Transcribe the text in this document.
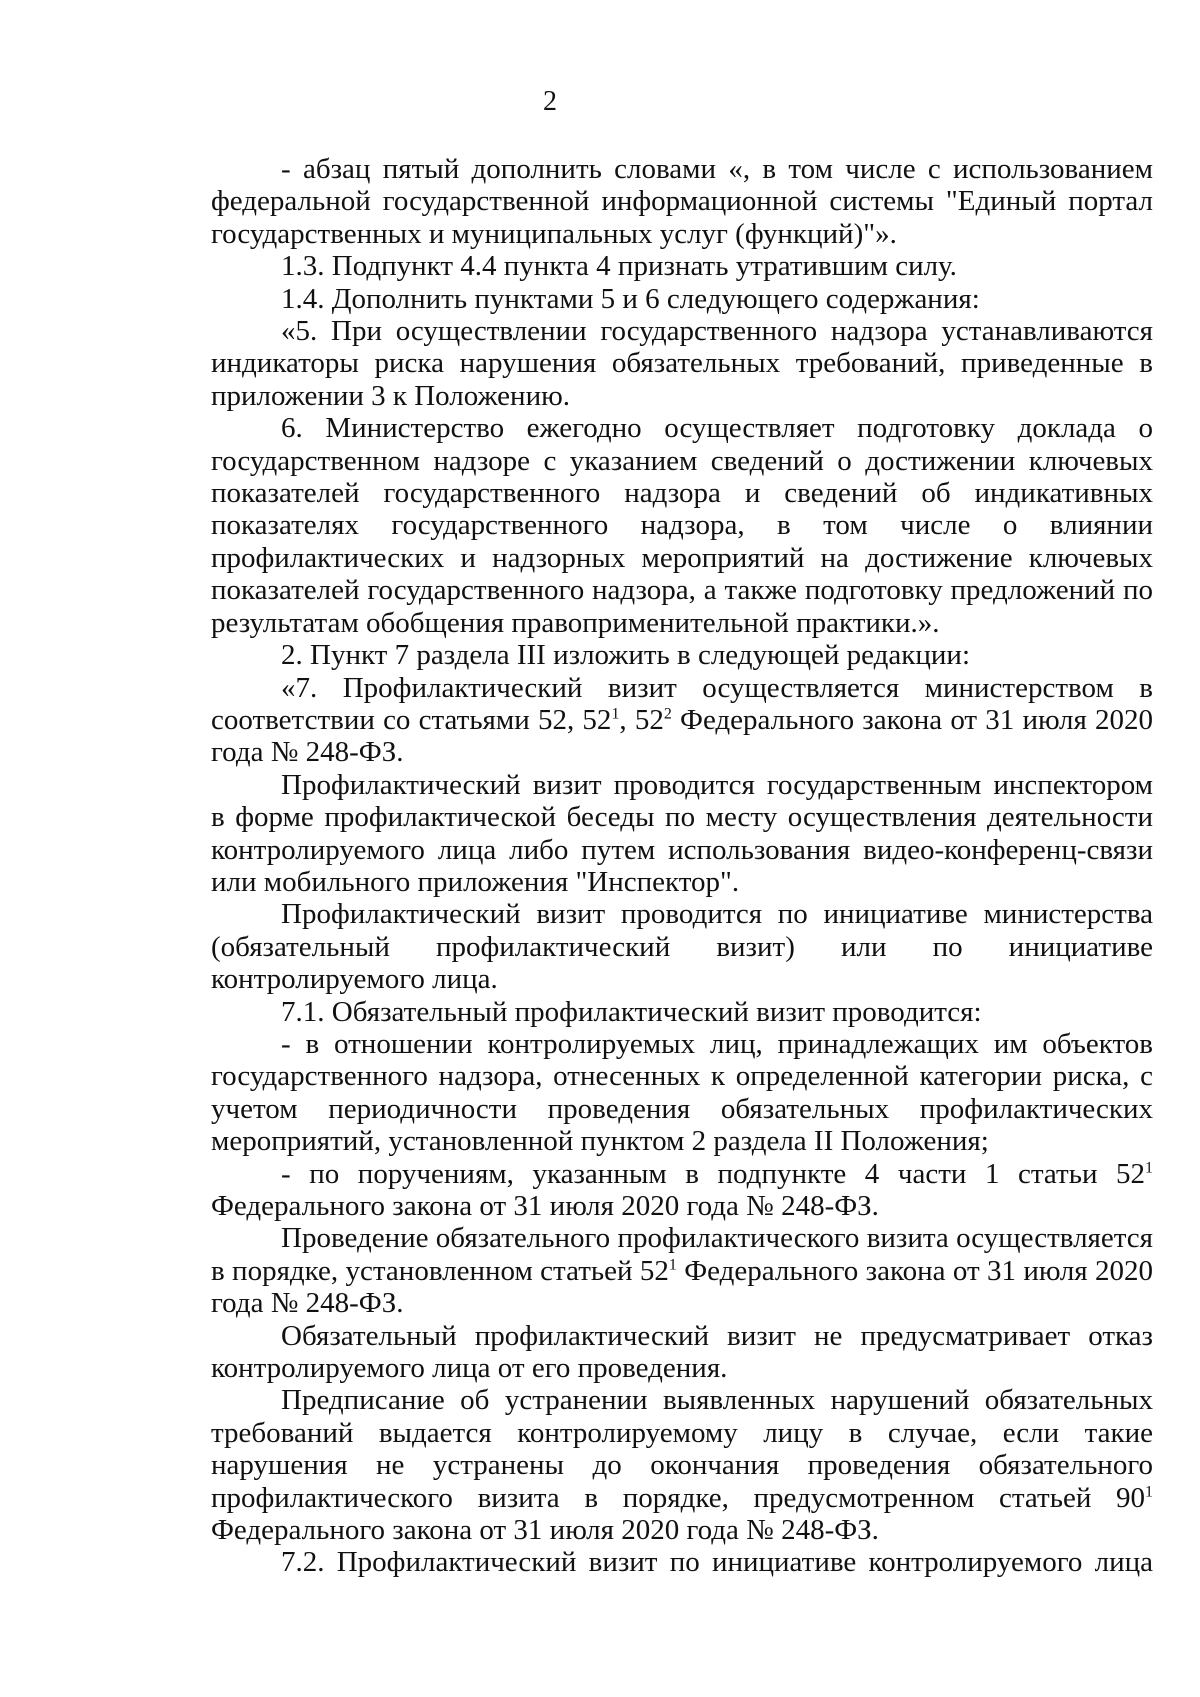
2

- абзац пятый дополнить словами «, в том числе с использованием федеральной государственной информационной системы "Единый портал государственных и муниципальных услуг (функций)"».

1.3. Подпункт 4.4 пункта 4 признать утратившим силу.

1.4. Дополнить пунктами 5 и 6 следующего содержания:

«5. При осуществлении государственного надзора устанавливаются индикаторы риска нарушения обязательных требований, приведенные в приложении 3 к Положению.

6. Министерство ежегодно осуществляет подготовку доклада о государственном надзоре с указанием сведений о достижении ключевых показателей государственного надзора и сведений об индикативных показателях государственного надзора, в том числе о влиянии профилактических и надзорных мероприятий на достижение ключевых показателей государственного надзора, а также подготовку предложений по результатам обобщения правоприменительной практики.».

2. Пункт 7 раздела III изложить в следующей редакции:

«7. Профилактический визит осуществляется министерством в соответствии со статьями 52, $52^1$, $52^2$ Федерального закона от 31 июля 2020 года № 248-ФЗ.

Профилактический визит проводится государственным инспектором в форме профилактической беседы по месту осуществления деятельности контролируемого лица либо путем использования видео-конференц-связи или мобильного приложения "Инспектор".

Профилактический визит проводится по инициативе министерства (обязательный профилактический визит) или по инициативе контролируемого лица.

7.1. Обязательный профилактический визит проводится:

- в отношении контролируемых лиц, принадлежащих им объектов государственного надзора, отнесенных к определенной категории риска, с учетом периодичности проведения обязательных профилактических мероприятий, установленной пунктом 2 раздела II Положения;

- по поручениям, указанным в подпункте 4 части 1 статьи $52^1$ Федерального закона от 31 июля 2020 года № 248-ФЗ.

Проведение обязательного профилактического визита осуществляется в порядке, установленном статьей $52^1$ Федерального закона от 31 июля 2020 года № 248-ФЗ.

Обязательный профилактический визит не предусматривает отказ контролируемого лица от его проведения.

Предписание об устранении выявленных нарушений обязательных требований выдается контролируемому лицу в случае, если такие нарушения не устранены до окончания проведения обязательного профилактического визита в порядке, предусмотренном статьей $90^1$ Федерального закона от 31 июля 2020 года № 248-ФЗ.

7.2. Профилактический визит по инициативе контролируемого лица
